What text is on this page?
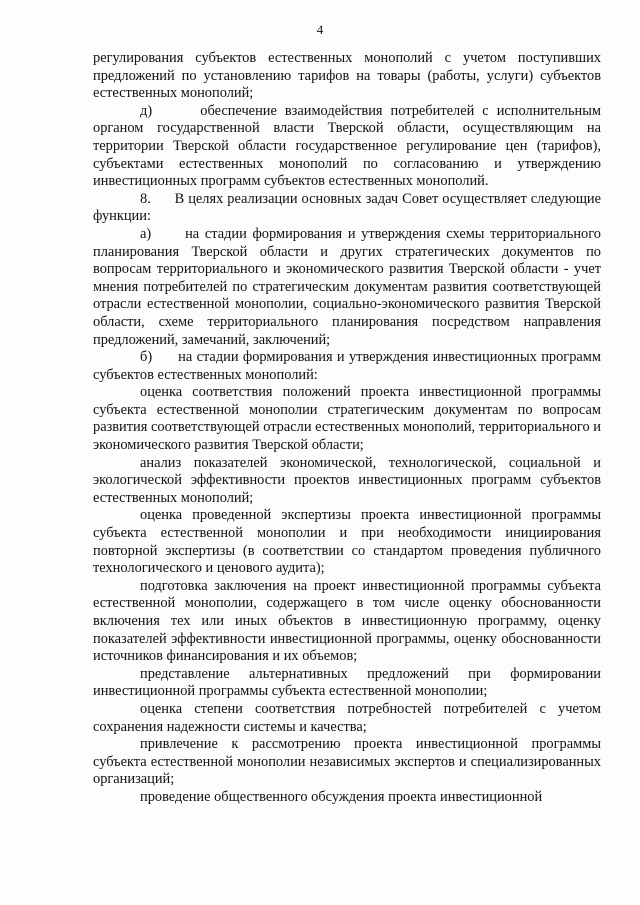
4

регулирования субъектов естественных монополий с учетом поступивших предложений по установлению тарифов на товары (работы, услуги) субъектов естественных монополий;

д)      обеспечение взаимодействия потребителей с исполнительным органом государственной власти Тверской области, осуществляющим на территории Тверской области государственное регулирование цен (тарифов), субъектами естественных монополий по согласованию и утверждению инвестиционных программ субъектов естественных монополий.

8.      В целях реализации основных задач Совет осуществляет следующие функции:

а)      на стадии формирования и утверждения схемы территориального планирования Тверской области и других стратегических документов по вопросам территориального и экономического развития Тверской области - учет мнения потребителей по стратегическим документам развития соответствующей отрасли естественной монополии, социально-экономического развития Тверской области, схеме территориального планирования посредством направления предложений, замечаний, заключений;

б)      на стадии формирования и утверждения инвестиционных программ субъектов естественных монополий:

оценка соответствия положений проекта инвестиционной программы субъекта естественной монополии стратегическим документам по вопросам развития соответствующей отрасли естественных монополий, территориального и экономического развития Тверской области;

анализ показателей экономической, технологической, социальной и экологической эффективности проектов инвестиционных программ субъектов естественных монополий;

оценка проведенной экспертизы проекта инвестиционной программы субъекта естественной монополии и при необходимости инициирования повторной экспертизы (в соответствии со стандартом проведения публичного технологического и ценового аудита);

подготовка заключения на проект инвестиционной программы субъекта естественной монополии, содержащего в том числе оценку обоснованности включения тех или иных объектов в инвестиционную программу, оценку показателей эффективности инвестиционной программы, оценку обоснованности источников финансирования и их объемов;

представление альтернативных предложений при формировании инвестиционной программы субъекта естественной монополии;

оценка степени соответствия потребностей потребителей с учетом сохранения надежности системы и качества;

привлечение к рассмотрению проекта инвестиционной программы субъекта естественной монополии независимых экспертов и специализированных организаций;

проведение общественного обсуждения проекта инвестиционной
